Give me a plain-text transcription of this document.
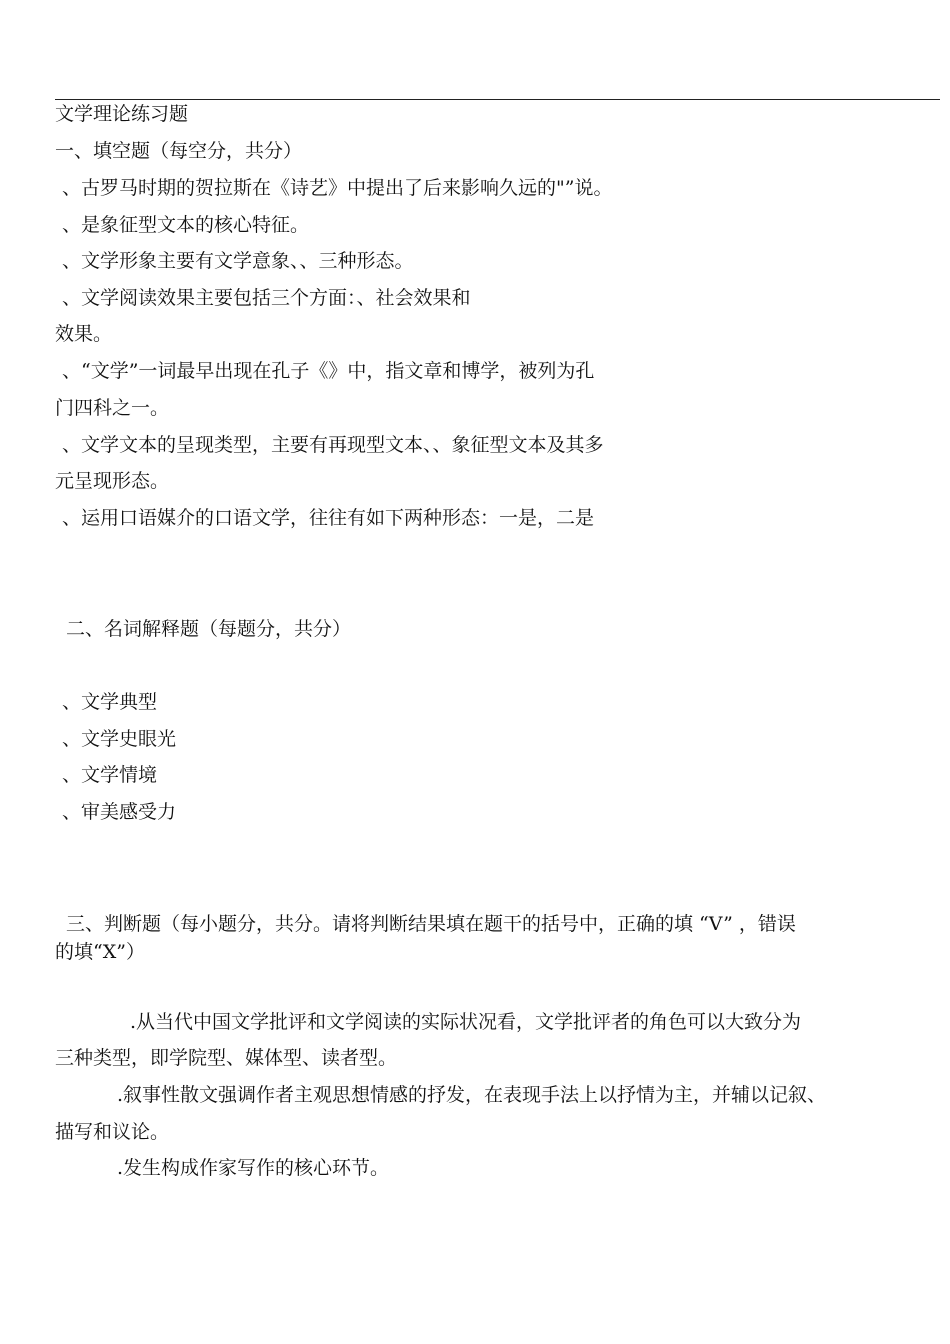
文学理论练习题

一、填空题（每空分，共分）

、古罗马时期的贺拉斯在《诗艺》中提出了后来影响久远的"”说。

、是象征型文本的核心特征。

、文学形象主要有文学意象、、三种形态。

、文学阅读效果主要包括三个方面：、社会效果和

效果。

、“文学”一词最早出现在孔子《》中，指文章和博学，被列为孔

门四科之一。

、文学文本的呈现类型，主要有再现型文本、、象征型文本及其多

元呈现形态。

、运用口语媒介的口语文学，往往有如下两种形态：一是，二是

二、名词解释题（每题分，共分）

、文学典型

、文学史眼光

、文学情境

、审美感受力

三、判断题（每小题分，共分。请将判断结果填在题干的括号中，正确的填 “V” ，错误

的填“X”）

.从当代中国文学批评和文学阅读的实际状况看，文学批评者的角色可以大致分为

三种类型，即学院型、媒体型、读者型。

.叙事性散文强调作者主观思想情感的抒发，在表现手法上以抒情为主，并辅以记叙、

描写和议论。

.发生构成作家写作的核心环节。
